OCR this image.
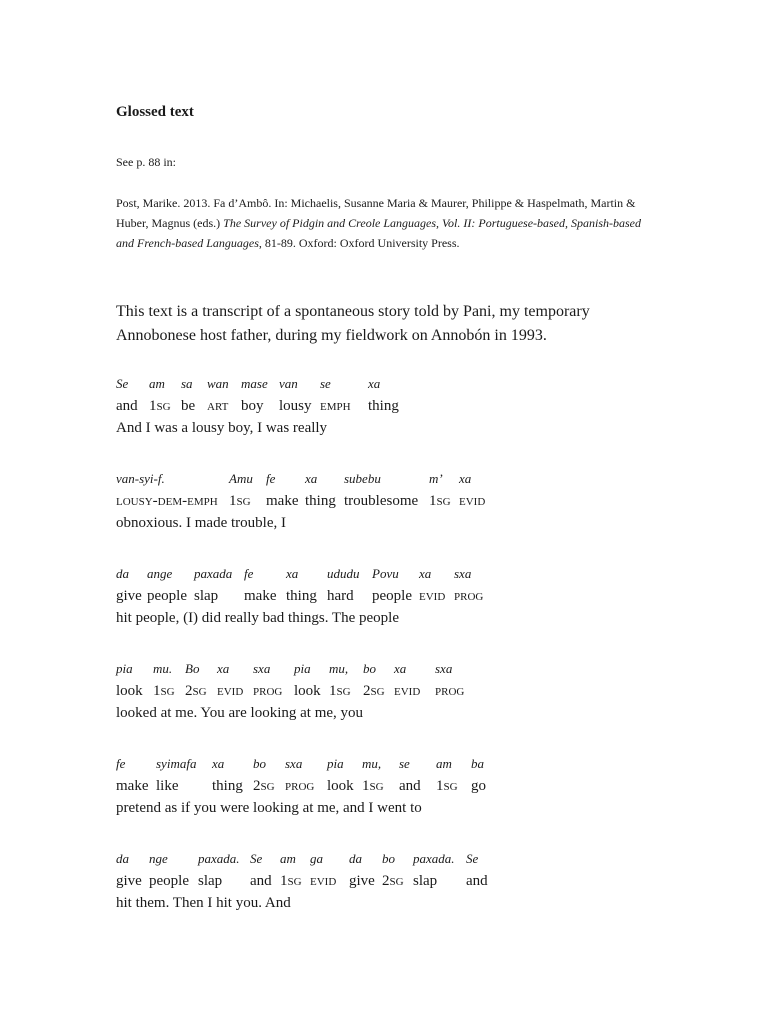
Glossed text

See p. 88 in:

Post, Marike. 2013. Fa d’Ambô. In: Michaelis, Susanne Maria & Maurer, Philippe & Haspelmath, Martin & Huber, Magnus (eds.) The Survey of Pidgin and Creole Languages, Vol. II: Portuguese-based, Spanish-based and French-based Languages, 81-89. Oxford: Oxford University Press.

This text is a transcript of a spontaneous story told by Pani, my temporary Annobonese host father, during my fieldwork on Annobón in 1993.

Se am sa wan mase van se	xa
and 1sg be art boy lousy emph thing
And I was a lousy boy, I was really
van-syi-f.	Amu fe xa subebu	m’ xa
lousy-dem-emph 1sg make thing troublesome 1sg evid
obnoxious. I made trouble, I
da ange paxada fe	xa ududu Povu xa sxa
give people slap make thing hard people evid prog
hit people, (I) did really bad things. The people
pia mu. Bo xa sxa pia mu, bo xa sxa
look 1sg 2sg evid prog look 1sg 2sg evid prog
looked at me. You are looking at me, you
fe syimafa xa bo sxa pia mu, se am ba
make like thing 2sg prog look 1sg and 1sg go
pretend as if you were looking at me, and I went to
da nge paxada. Se am ga da bo paxada. Se
give people slap and 1sg evid give 2sg slap and
hit them. Then I hit you. And
